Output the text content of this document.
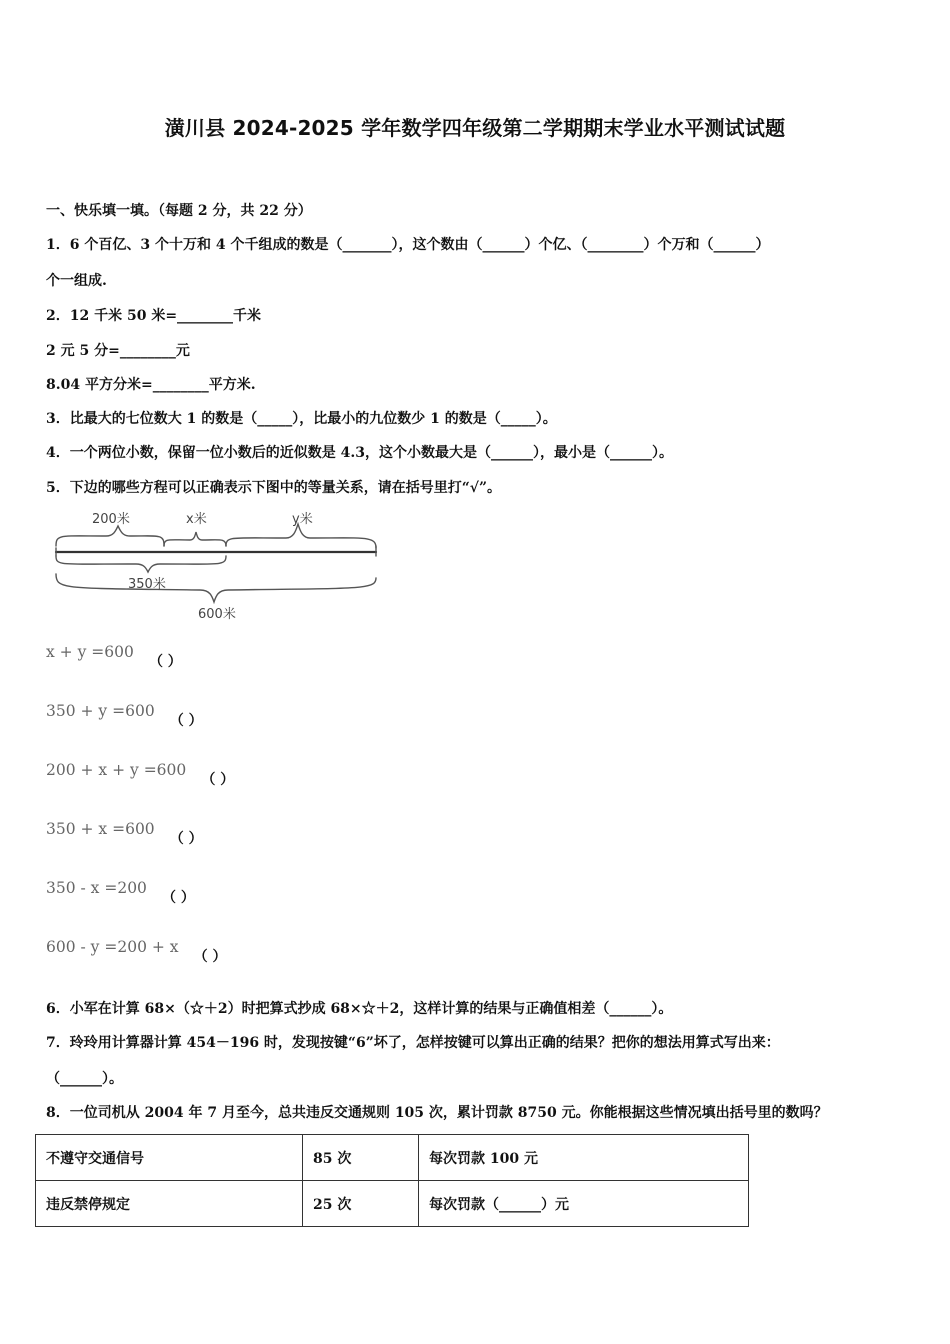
潢川县 2024-2025 学年数学四年级第二学期期末学业水平测试试题
一、快乐填一填。（每题 2 分，共 22 分）
1．6 个百亿、3 个十万和 4 个千组成的数是（_______），这个数由（______）个亿、（________）个万和（______）
个一组成.
2．12 千米 50 米=________千米
2 元 5 分=________元
8.04 平方分米=________平方米.
3．比最大的七位数大 1 的数是（_____），比最小的九位数少 1 的数是（_____）。
4．一个两位小数，保留一位小数后的近似数是 4.3，这个小数最大是（______），最小是（______）。
5．下边的哪些方程可以正确表示下图中的等量关系，请在括号里打“√”。
200米	x米	y米
350米
600米
x + y =600 （ ）
350 + y =600 （ ）
200 + x + y =600 （ ）
350 + x =600 （ ）
350 - x =200 （ ）
600 - y =200 + x （ ）
6．小军在计算 68×（☆＋2）时把算式抄成 68×☆＋2，这样计算的结果与正确值相差（______）。
7．玲玲用计算器计算 454－196 时，发现按键“6”坏了，怎样按键可以算出正确的结果？把你的想法用算式写出来：
（______）。
8．一位司机从 2004 年 7 月至今，总共违反交通规则 105 次，累计罚款 8750 元。你能根据这些情况填出括号里的数吗？
不遵守交通信号	85 次	每次罚款 100 元
违反禁停规定	25 次	每次罚款（______）元
